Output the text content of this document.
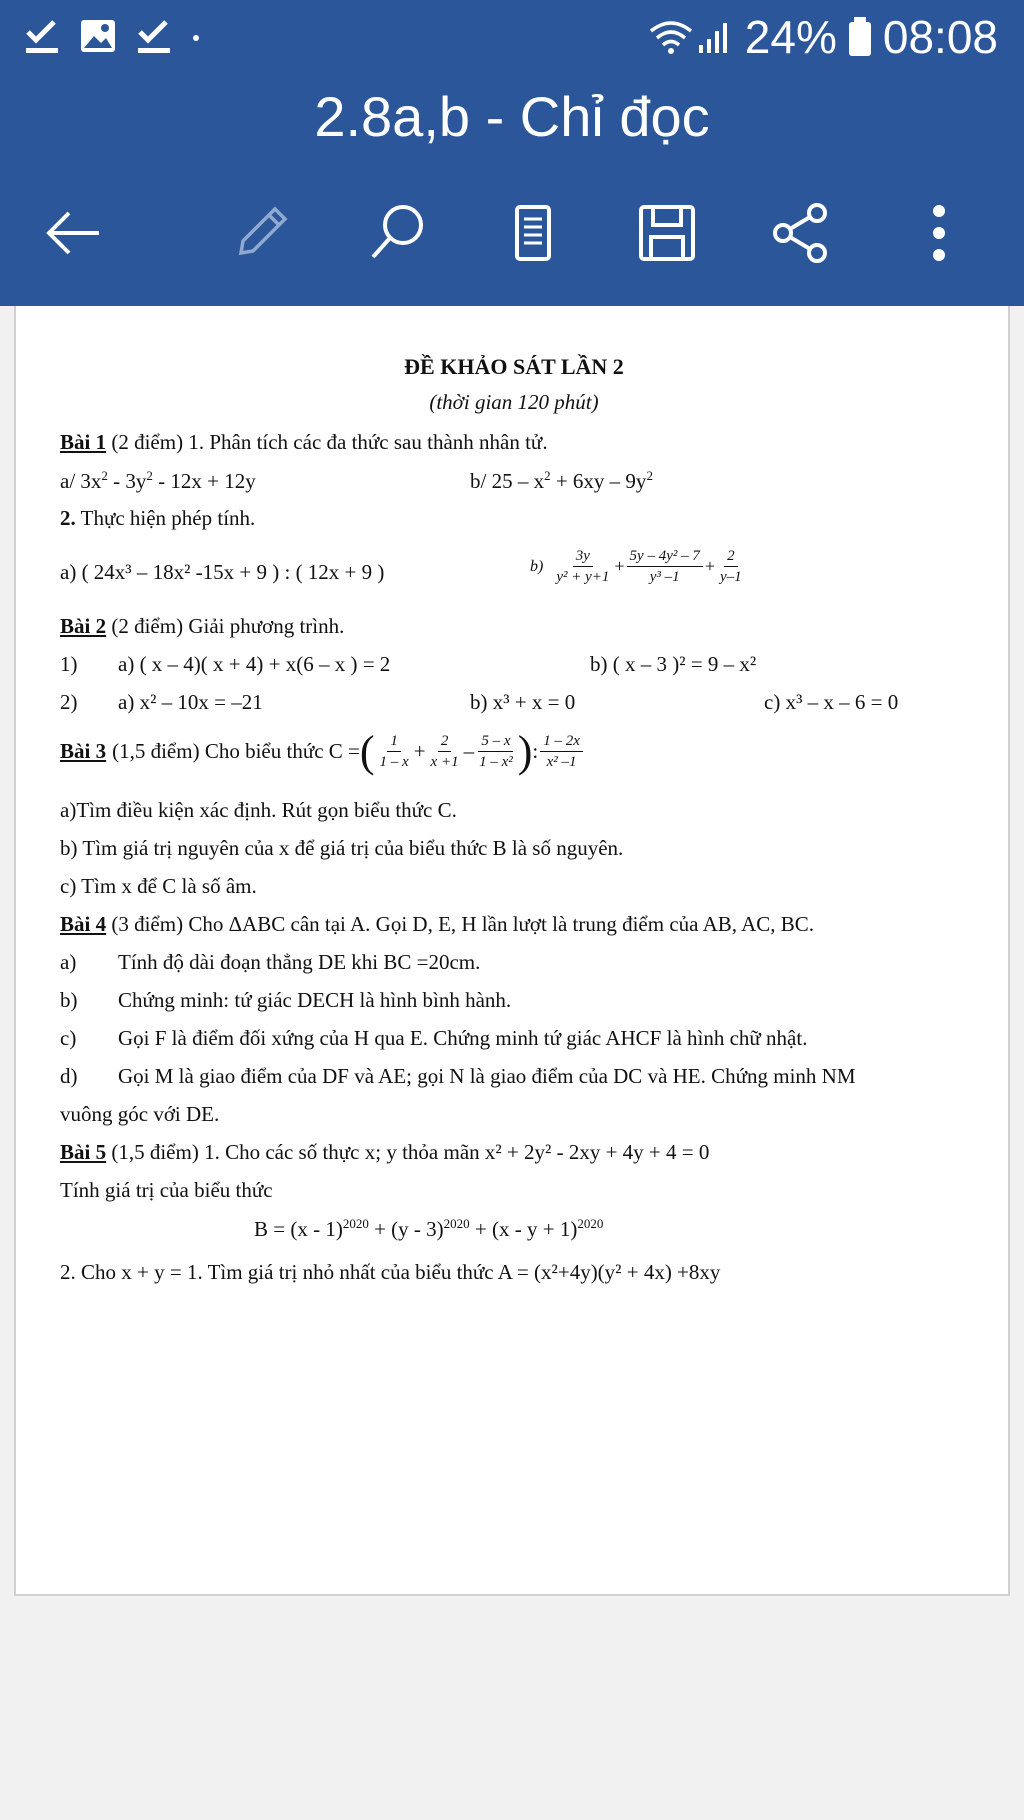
24% 08:08
2.8a,b - Chỉ đọc
ĐỀ KHẢO SÁT LẦN 2
(thời gian 120 phút)
Bài 1 (2 điểm) 1. Phân tích các đa thức sau thành nhân tử.
a/ $3x^2 - 3y^2 - 12x + 12y$	b/ $25 - x^2 + 6xy - 9y^2$
2. Thực hiện phép tính.
a) ( 24x³ – 18x² -15x + 9 ) : ( 12x + 9 )	$b) \frac{3y}{\text{y² + y+1}} + \frac{\text{5y – 4y² – 7}}{\text{y³ –1}} + \frac{2}{y-1}$
Bài 2 (2 điểm) Giải phương trình.
1) a) ( x – 4)( x + 4) + x(6 – x ) = 2	b) ( x – 3 )² = 9 – x²
2) a) x² – 10x = –21	b) x³ + x = 0	c) x³ – x – 6 = 0
Bài 3 (1,5 điểm) Cho biểu thức C = ( $\frac{1}{1 - x} + \frac{2}{x +1} - \frac{5 - x}{\text{1 – x²}}$ ) : $\frac{1 - 2x}{\text{x² –1}}$
a)Tìm điều kiện xác định. Rút gọn biểu thức C.
b) Tìm giá trị nguyên của x để giá trị của biểu thức B là số nguyên.
c) Tìm x để C là số âm.
Bài 4 (3 điểm) Cho ΔABC cân tại A. Gọi D, E, H lần lượt là trung điểm của AB, AC, BC.
a) Tính độ dài đoạn thẳng DE khi BC =20cm.
b) Chứng minh: tứ giác DECH là hình bình hành.
c) Gọi F là điểm đối xứng của H qua E. Chứng minh tứ giác AHCF là hình chữ nhật.
d) Gọi M là giao điểm của DF và AE; gọi N là giao điểm của DC và HE. Chứng minh NM
vuông góc với DE.
Bài 5 (1,5 điểm) 1. Cho các số thực x; y thỏa mãn x² + 2y² - 2xy + 4y + 4 = 0
Tính giá trị của biểu thức
$B = (x - 1)^{2020} + (y - 3)^{2020} + (x - y + 1)^{2020}$
2. Cho x + y = 1. Tìm giá trị nhỏ nhất của biểu thức A = (x²+4y)(y² + 4x) +8xy
